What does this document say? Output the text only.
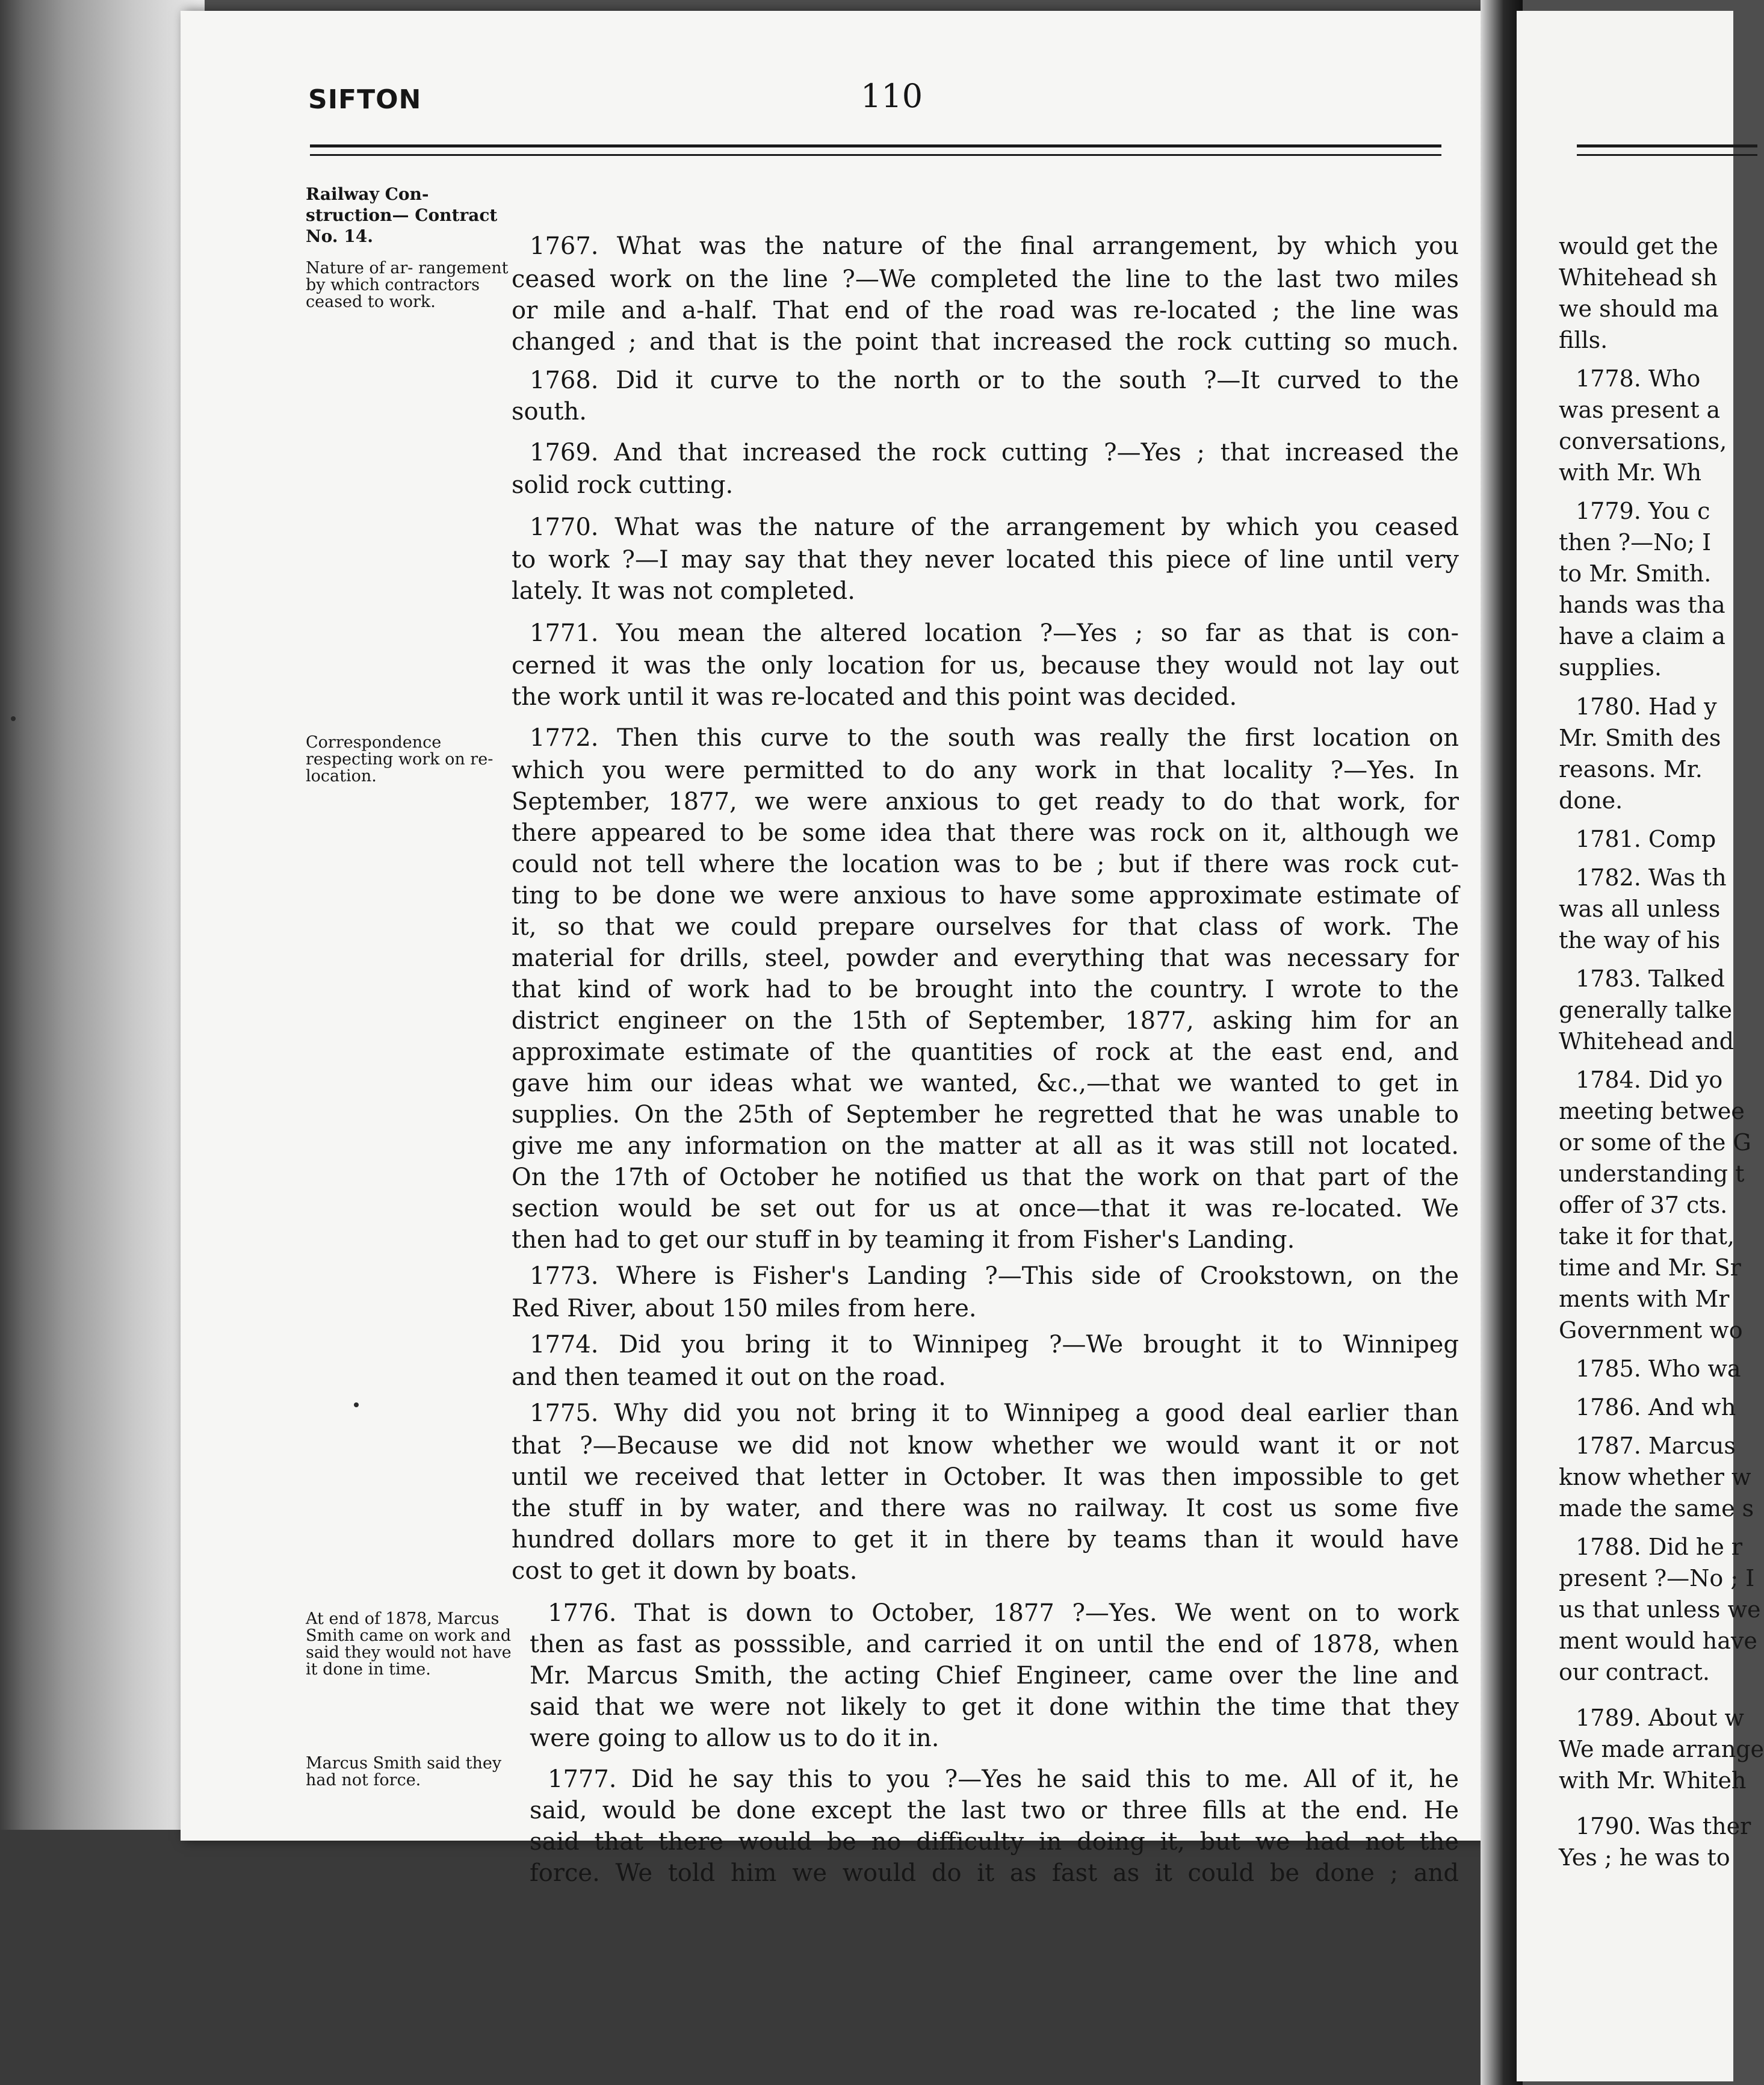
SIFTON	110
Railway Con- struction— Contract No. 14.
Nature of ar- rangement by which contractors ceased to work.
Correspondence respecting work on re-location.
At end of 1878, Marcus Smith came on work and said they would not have it done in time.
Marcus Smith said they had not force.
1767. What was the nature of the final arrangement, by which you
ceased work on the line ?—We completed the line to the last two miles
or mile and a-half. That end of the road was re-located ; the line was
changed ; and that is the point that increased the rock cutting so much.
1768. Did it curve to the north or to the south ?—It curved to the
south.
1769. And that increased the rock cutting ?—Yes ; that increased the
solid rock cutting.
1770. What was the nature of the arrangement by which you ceased
to work ?—I may say that they never located this piece of line until very
lately. It was not completed.
1771. You mean the altered location ?—Yes ; so far as that is con-
cerned it was the only location for us, because they would not lay out
the work until it was re-located and this point was decided.
1772. Then this curve to the south was really the first location on
which you were permitted to do any work in that locality ?—Yes. In
September, 1877, we were anxious to get ready to do that work, for
there appeared to be some idea that there was rock on it, although we
could not tell where the location was to be ; but if there was rock cut-
ting to be done we were anxious to have some approximate estimate of
it, so that we could prepare ourselves for that class of work. The
material for drills, steel, powder and everything that was necessary for
that kind of work had to be brought into the country. I wrote to the
district engineer on the 15th of September, 1877, asking him for an
approximate estimate of the quantities of rock at the east end, and
gave him our ideas what we wanted, &c.,—that we wanted to get in
supplies. On the 25th of September he regretted that he was unable to
give me any information on the matter at all as it was still not located.
On the 17th of October he notified us that the work on that part of the
section would be set out for us at once—that it was re-located. We
then had to get our stuff in by teaming it from Fisher's Landing.
1773. Where is Fisher's Landing ?—This side of Crookstown, on the
Red River, about 150 miles from here.
1774. Did you bring it to Winnipeg ?—We brought it to Winnipeg
and then teamed it out on the road.
1775. Why did you not bring it to Winnipeg a good deal earlier than
that ?—Because we did not know whether we would want it or not
until we received that letter in October. It was then impossible to get
the stuff in by water, and there was no railway. It cost us some five
hundred dollars more to get it in there by teams than it would have
cost to get it down by boats.
1776. That is down to October, 1877 ?—Yes. We went on to work
then as fast as posssible, and carried it on until the end of 1878, when
Mr. Marcus Smith, the acting Chief Engineer, came over the line and
said that we were not likely to get it done within the time that they
were going to allow us to do it in.
1777. Did he say this to you ?—Yes he said this to me. All of it, he
said, would be done except the last two or three fills at the end. He
said that there would be no difficulty in doing it, but we had not the
force. We told him we would do it as fast as it could be done ; and
would get the
Whitehead sh
we should ma
fills.
1778. Who
was present a
conversations,
with Mr. Wh
1779. You c
then ?—No; I
to Mr. Smith.
hands was tha
have a claim a
supplies.
1780. Had y
Mr. Smith des
reasons. Mr.
done.
1781. Comp
1782. Was th
was all unless
the way of his
1783. Talked
generally talke
Whitehead and
1784. Did yo
meeting betwee
or some of the G
understanding t
offer of 37 cts.
take it for that,
time and Mr. Sr
ments with Mr
Government wo
1785. Who wa
1786. And wh
1787. Marcus
know whether w
made the same s
1788. Did he r
present ?—No ; I
us that unless we
ment would have
our contract.
1789. About w
We made arrange
with Mr. Whiteh
1790. Was ther
Yes ; he was to
